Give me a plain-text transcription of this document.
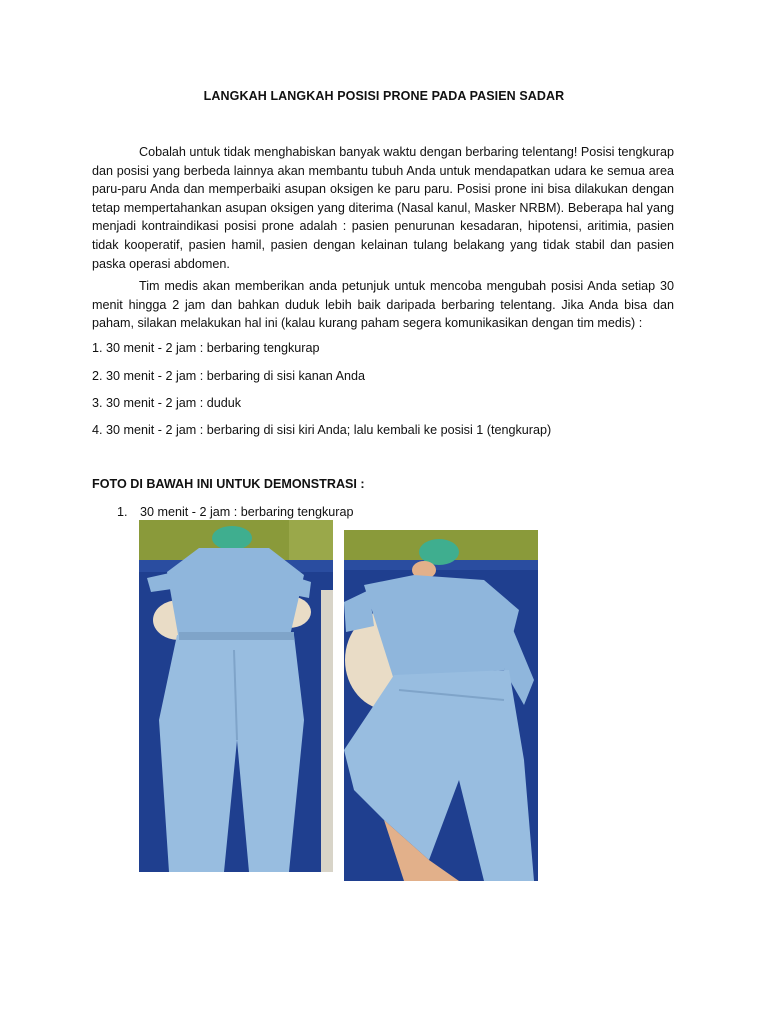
LANGKAH LANGKAH POSISI PRONE PADA PASIEN SADAR

Cobalah untuk tidak menghabiskan banyak waktu dengan berbaring telentang! Posisi tengkurap dan posisi yang berbeda lainnya akan membantu tubuh Anda untuk mendapatkan udara ke semua area paru-paru Anda dan memperbaiki asupan oksigen ke paru paru. Posisi prone ini bisa dilakukan dengan tetap mempertahankan asupan oksigen yang diterima (Nasal kanul, Masker NRBM). Beberapa hal yang menjadi kontraindikasi posisi prone adalah : pasien penurunan kesadaran, hipotensi, aritimia, pasien tidak kooperatif, pasien hamil, pasien dengan kelainan tulang belakang yang tidak stabil dan pasien paska operasi abdomen.

Tim medis akan memberikan anda petunjuk untuk mencoba mengubah posisi Anda setiap 30 menit hingga 2 jam dan bahkan duduk lebih baik daripada berbaring telentang. Jika Anda bisa dan paham, silakan melakukan hal ini (kalau kurang paham segera komunikasikan dengan tim medis) :

1. 30 menit - 2 jam : berbaring tengkurap
2. 30 menit - 2 jam : berbaring di sisi kanan Anda
3. 30 menit - 2 jam : duduk
4. 30 menit - 2 jam : berbaring di sisi kiri Anda; lalu kembali ke posisi 1 (tengkurap)
FOTO DI BAWAH INI UNTUK DEMONSTRASI :
1. 30 menit - 2 jam : berbaring tengkurap
